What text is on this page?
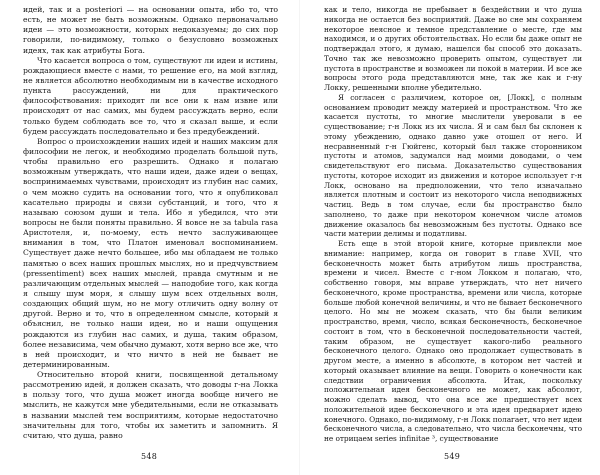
идей, так и a posteriori — на основании опыта, ибо то, что есть, не может не быть возможным. Однако первоначально идеи — это возможности, которых недоказуемы; до сих пор говорили, по-видимому, только о безусловно возможных идеях, так как атрибуты Бога.

Что касается вопроса о том, существуют ли идеи и истины, рождающиеся вместе с нами, то решение его, на мой взгляд, не является абсолютно необходимым ни в качестве исходного пункта рассуждений, ни для практического философствования: приходят ли все они к нам извне или происходят от нас самих, мы будем рассуждать верно, если только будем соблюдать все то, что я сказал выше, и если будем рассуждать последовательно и без предубеждений.

Вопрос о происхождении наших идей и наших максим для философии не легок, и необходимо проделать большой путь, чтобы правильно его разрешить. Однако я полагаю возможным утверждать, что наши идеи, даже идеи о вещах, воспринимаемых чувствами, происходят из глубин нас самих, о чем можно судить на основании того, что я опубликовал касательно природы и связи субстанций, и того, что я называю союзом души и тела. Ибо я убедился, что эти вопросы не были поняты правильно. Я вовсе не за tabula rasa Аристотеля, и, по-моему, есть нечто заслуживающее внимания в том, что Платон именовал воспоминанием. Существует даже нечто большее, ибо мы обладаем не только памятью о всех наших прошлых мыслях, но и предчувствием (pressentiment) всех наших мыслей, правда смутным и не различающим отдельных мыслей — наподобие того, как когда я слышу шум моря, я слышу шум всех отдельных волн, создающих общий шум, но не могу отличить одну волну от другой. Верно и то, что в определенном смысле, который я объяснил, не только наши идеи, но и наши ощущения рождаются из глубин нас самих, и душа, таким образом, более независима, чем обычно думают, хотя верно все же, что в ней происходит, и что ничто в ней не бывает не детерминированным.

Относительно второй книги, посвященной детальному рассмотрению идей, я должен сказать, что доводы г-на Локка в пользу того, что душа может иногда вообще ничего не мыслить, не кажутся мне убедительными, если не отказывать в названии мыслей тем восприятиям, которые недостаточно значительны для того, чтобы их заметить и запомнить. Я считаю, что душа, равно

548

как и тело, никогда не пребывает в бездействии и что душа никогда не остается без восприятий. Даже во сне мы сохраняем некоторое неясное и темное представление о месте, где мы находимся, и о других обстоятельствах. Но если бы даже опыт не подтверждал этого, я думаю, нашелся бы способ это доказать. Точно так же невозможно проверить опытом, существует ли пустота в пространстве и возможен ли покой в материи. И все же вопросы этого рода представляются мне, так же как и г-ну Локку, решенными вполне убедительно.

Я согласен с различием, которое он, [Локк], с полным основанием проводит между материей и пространством. Что же касается пустоты, то многие мыслители уверовали в ее существование; г-н Локк из их числа. Я и сам был бы склонен к этому убеждению, однако давно уже отошел от него. И несравненный г-н Гюйгенс, который был также сторонником пустоты и атомов, задумался над моими доводами, о чем свидетельствуют его письма. Доказательство существования пустоты, которое исходит из движения и которое использует г-н Локк, основано на предположении, что тело изначально является плотным и состоит из некоторого числа неподвижных частиц. Ведь в том случае, если бы пространство было заполнено, то даже при некотором конечном числе атомов движение оказалось бы невозможным без пустоты. Однако все части материи делимы и податливы.

Есть еще в этой второй книге, которые привлекли мое внимание: например, когда он говорит в главе XVII, что бесконечность может быть атрибутом лишь пространства, времени и чисел. Вместе с г-ном Локком я полагаю, что, собственно говоря, мы вправе утверждать, что нет ничего бесконечного, кроме пространства, времени или числа, которые больше любой конечной величины, и что не бывает бесконечного целого. Но мы не можем сказать, что бы были великим пространство, время, число, всякая бесконечность, бесконечное состоит в том, что в бесконечной последовательности частей, таким образом, не существует какого-либо реального бесконечного целого. Однако оно продолжает существовать в другом месте, а именно в абсолюте, в котором нет частей и который оказывает влияние на вещи. Говорить о конечности как следствии ограничения абсолюта. Итак, поскольку положительная идея бесконечного не может, как абсолют, можно сделать вывод, что она все же предшествует всех положительной идее бесконечного и эта идея предваряет идею конечного. Однако, по-видимому, г-н Локк полагает, что нет идеи бесконечного числа, а следовательно, что числа бесконечны, что не отрицаем series infinitae ³, существование

549
